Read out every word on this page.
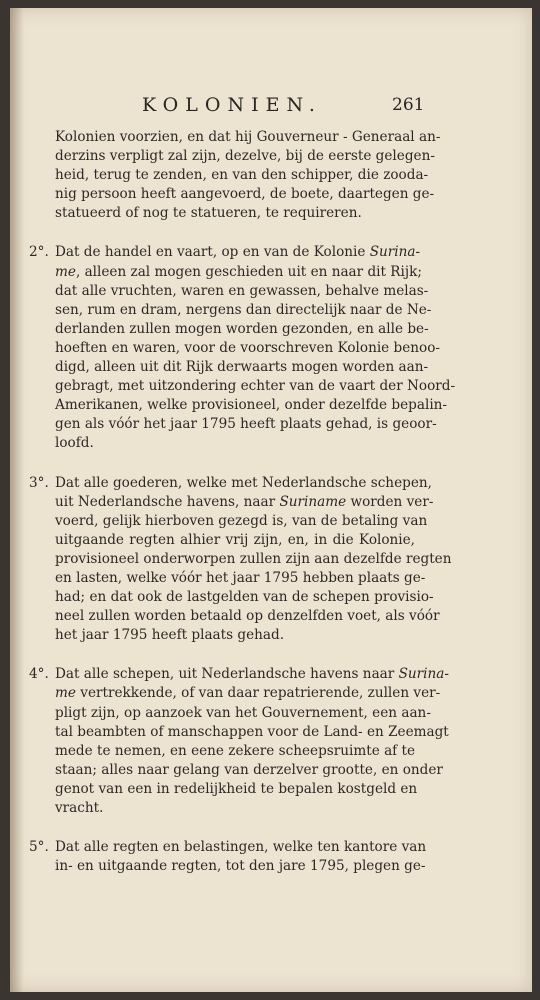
KOLONIEN.	261

Kolonien voorzien, en dat hij Gouverneur - Generaal an-
derzins verpligt zal zijn, dezelve, bij de eerste gelegen-
heid, terug te zenden, en van den schipper, die zooda-
nig persoon heeft aangevoerd, de boete, daartegen ge-
statueerd of nog te statueren, te requireren.

2°. Dat de handel en vaart, op en van de Kolonie Surina-
me, alleen zal mogen geschieden uit en naar dit Rijk;
dat alle vruchten, waren en gewassen, behalve melas-
sen, rum en dram, nergens dan directelijk naar de Ne-
derlanden zullen mogen worden gezonden, en alle be-
hoeften en waren, voor de voorschreven Kolonie benoo-
digd, alleen uit dit Rijk derwaarts mogen worden aan-
gebragt, met uitzondering echter van de vaart der Noord-
Amerikanen, welke provisioneel, onder dezelfde bepalin-
gen als vóór het jaar 1795 heeft plaats gehad, is geoor-
loofd.

3°. Dat alle goederen, welke met Nederlandsche schepen,
uit Nederlandsche havens, naar Suriname worden ver-
voerd, gelijk hierboven gezegd is, van de betaling van
uitgaande regten alhier vrij zijn, en, in die Kolonie,
provisioneel onderworpen zullen zijn aan dezelfde regten
en lasten, welke vóór het jaar 1795 hebben plaats ge-
had; en dat ook de lastgelden van de schepen provisio-
neel zullen worden betaald op denzelfden voet, als vóór
het jaar 1795 heeft plaats gehad.

4°. Dat alle schepen, uit Nederlandsche havens naar Surina-
me vertrekkende, of van daar repatrierende, zullen ver-
pligt zijn, op aanzoek van het Gouvernement, een aan-
tal beambten of manschappen voor de Land- en Zeemagt
mede te nemen, en eene zekere scheepsruimte af te
staan; alles naar gelang van derzelver grootte, en onder
genot van een in redelijkheid te bepalen kostgeld en
vracht.

5°. Dat alle regten en belastingen, welke ten kantore van
in- en uitgaande regten, tot den jare 1795, plegen ge-
